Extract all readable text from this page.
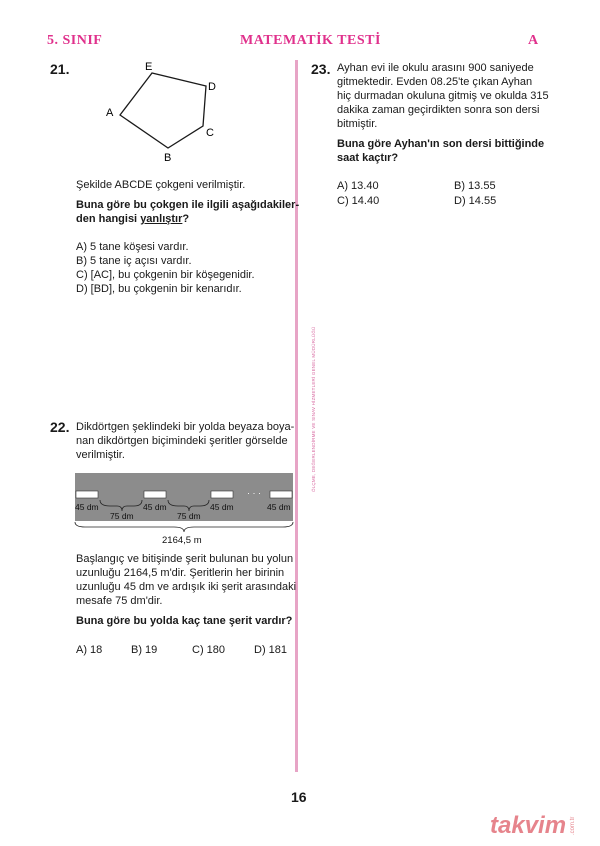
5. SINIF	MATEMATİK TESTİ	A
ÖLÇME, DEĞERLENDİRME VE SINAV HİZMETLERİ GENEL MÜDÜRLÜĞÜ
21.
A
E
D
C
B
Şekilde ABCDE çokgeni verilmiştir.
Buna göre bu çokgen ile ilgili aşağıdakiler-
den hangisi yanlıştır?
A) 5 tane köşesi vardır.
B) 5 tane iç açısı vardır.
C) [AC], bu çokgenin bir köşegenidir.
D) [BD], bu çokgenin bir kenarıdır.
22. Dikdörtgen şeklindeki bir yolda beyaza boya-
nan dikdörtgen biçimindeki şeritler görselde
verilmiştir.
· · ·
45 dm	45 dm	45 dm	45 dm
75 dm	75 dm
2164,5 m
Başlangıç ve bitişinde şerit bulunan bu yolun
uzunluğu 2164,5 m'dir. Şeritlerin her birinin
uzunluğu 45 dm ve ardışık iki şerit arasındaki
mesafe 75 dm'dir.
Buna göre bu yolda kaç tane şerit vardır?
A) 18	B) 19	C) 180	D) 181
23. Ayhan evi ile okulu arasını 900 saniyede
gitmektedir. Evden 08.25'te çıkan Ayhan
hiç durmadan okuluna gitmiş ve okulda 315
dakika zaman geçirdikten sonra son dersi
bitmiştir.
Buna göre Ayhan'ın son dersi bittiğinde
saat kaçtır?
A) 13.40	B) 13.55
C) 14.40	D) 14.55
16
takvim .com.tr
